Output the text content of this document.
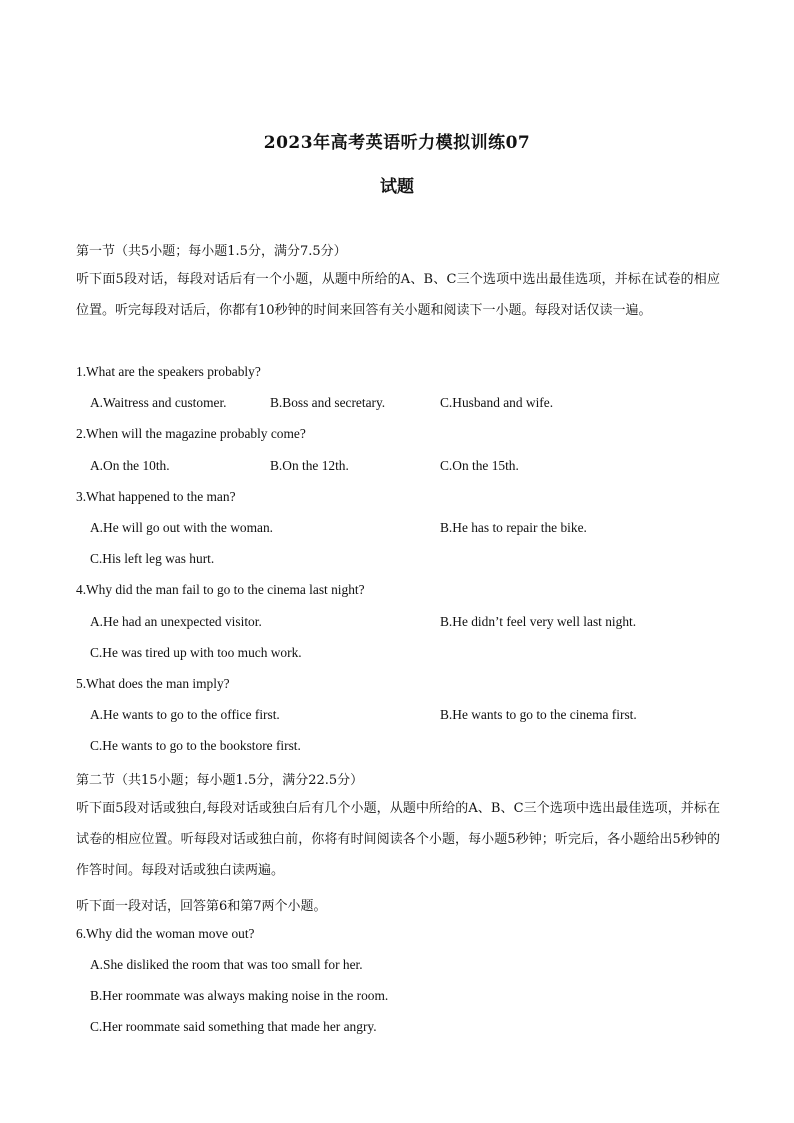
2023年高考英语听力模拟训练07
试题
第一节（共5小题；每小题1.5分，满分7.5分）
听下面5段对话，每段对话后有一个小题，从题中所给的A、B、C三个选项中选出最佳选项，并标在试卷的相应位置。听完每段对话后，你都有10秒钟的时间来回答有关小题和阅读下一小题。每段对话仅读一遍。
1.What are the speakers probably?
A.Waitress and customer.	B.Boss and secretary.	C.Husband and wife.
2.When will the magazine probably come?
A.On the 10th.	B.On the 12th.	C.On the 15th.
3.What happened to the man?
A.He will go out with the woman.	B.He has to repair the bike.
C.His left leg was hurt.
4.Why did the man fail to go to the cinema last night?
A.He had an unexpected visitor.	B.He didn’t feel very well last night.
C.He was tired up with too much work.
5.What does the man imply?
A.He wants to go to the office first.	B.He wants to go to the cinema first.
C.He wants to go to the bookstore first.
第二节（共15小题；每小题1.5分，满分22.5分）
听下面5段对话或独白,每段对话或独白后有几个小题，从题中所给的A、B、C三个选项中选出最佳选项，并标在试卷的相应位置。听每段对话或独白前，你将有时间阅读各个小题，每小题5秒钟；听完后，各小题给出5秒钟的作答时间。每段对话或独白读两遍。
听下面一段对话，回答第6和第7两个小题。
6.Why did the woman move out?
A.She disliked the room that was too small for her.
B.Her roommate was always making noise in the room.
C.Her roommate said something that made her angry.
